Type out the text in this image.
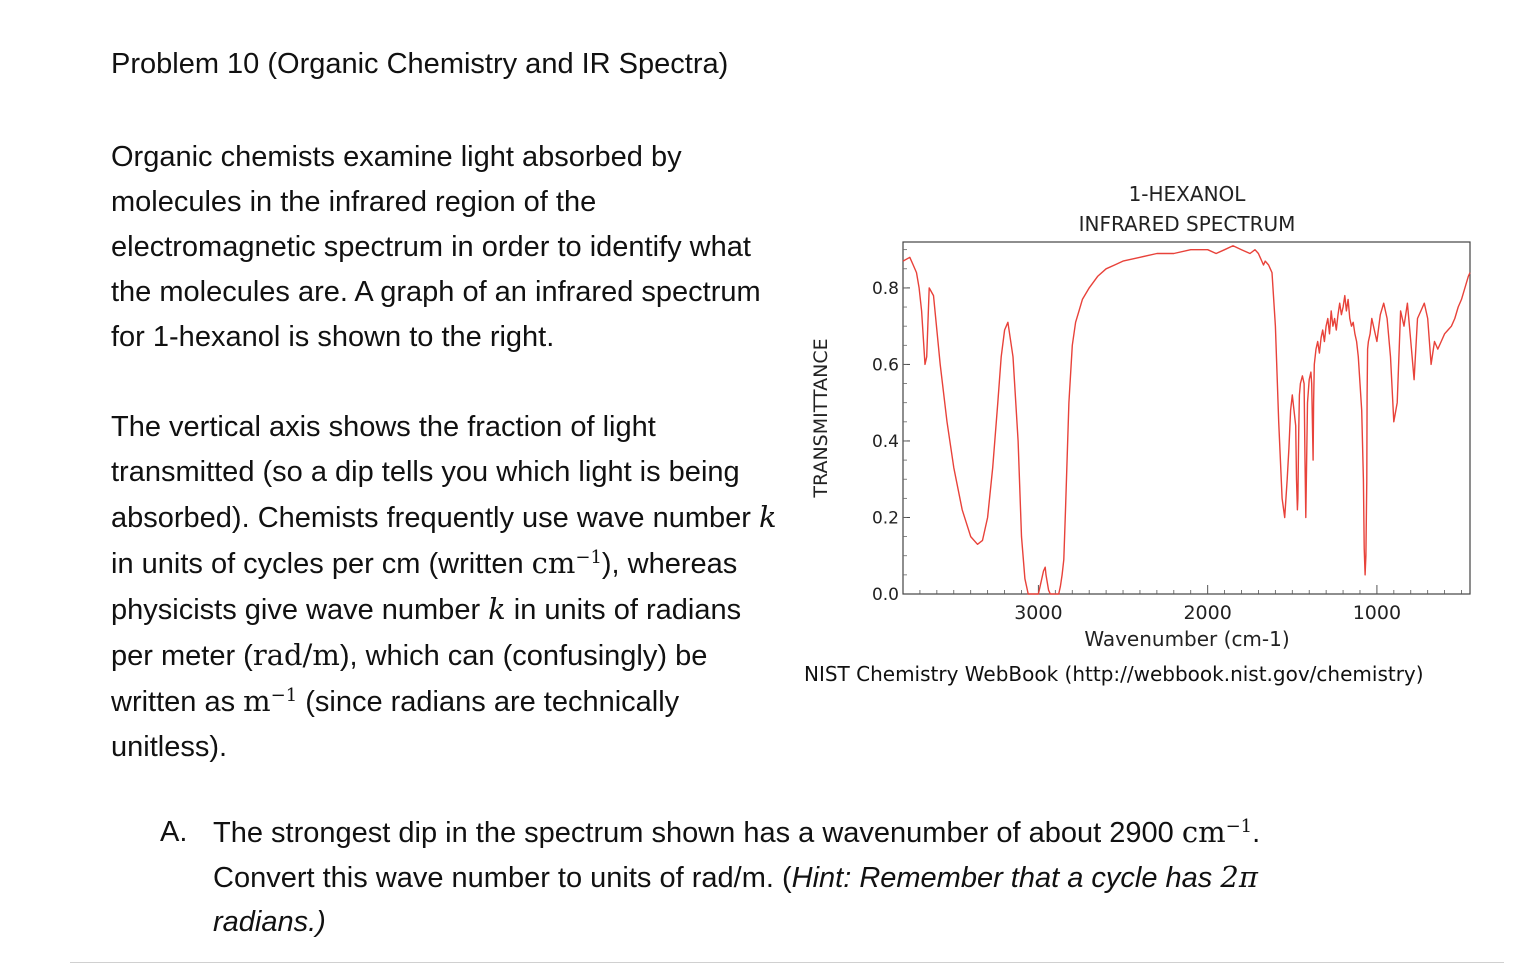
Problem 10 (Organic Chemistry and IR Spectra)

Organic chemists examine light absorbed by molecules in the infrared region of the electromagnetic spectrum in order to identify what the molecules are. A graph of an infrared spectrum for 1-hexanol is shown to the right.

The vertical axis shows the fraction of light transmitted (so a dip tells you which light is being absorbed). Chemists frequently use wave number k in units of cycles per cm (written $cm^{-1}$), whereas physicists give wave number k in units of radians per meter (rad/m), which can (confusingly) be written as $m^{-1}$ (since radians are technically unitless).

1-HEXANOL
INFRARED SPECTRUM
0.0
0.2
0.4
0.6
0.8
3000	2000	1000
TRANSMITTANCE
Wavenumber (cm-1)
NIST Chemistry WebBook (http://webbook.nist.gov/chemistry)
A. The strongest dip in the spectrum shown has a wavenumber of about 2900 $cm^{-1}$.

Convert this wave number to units of rad/m. (Hint: Remember that a cycle has 2π

radians.)
